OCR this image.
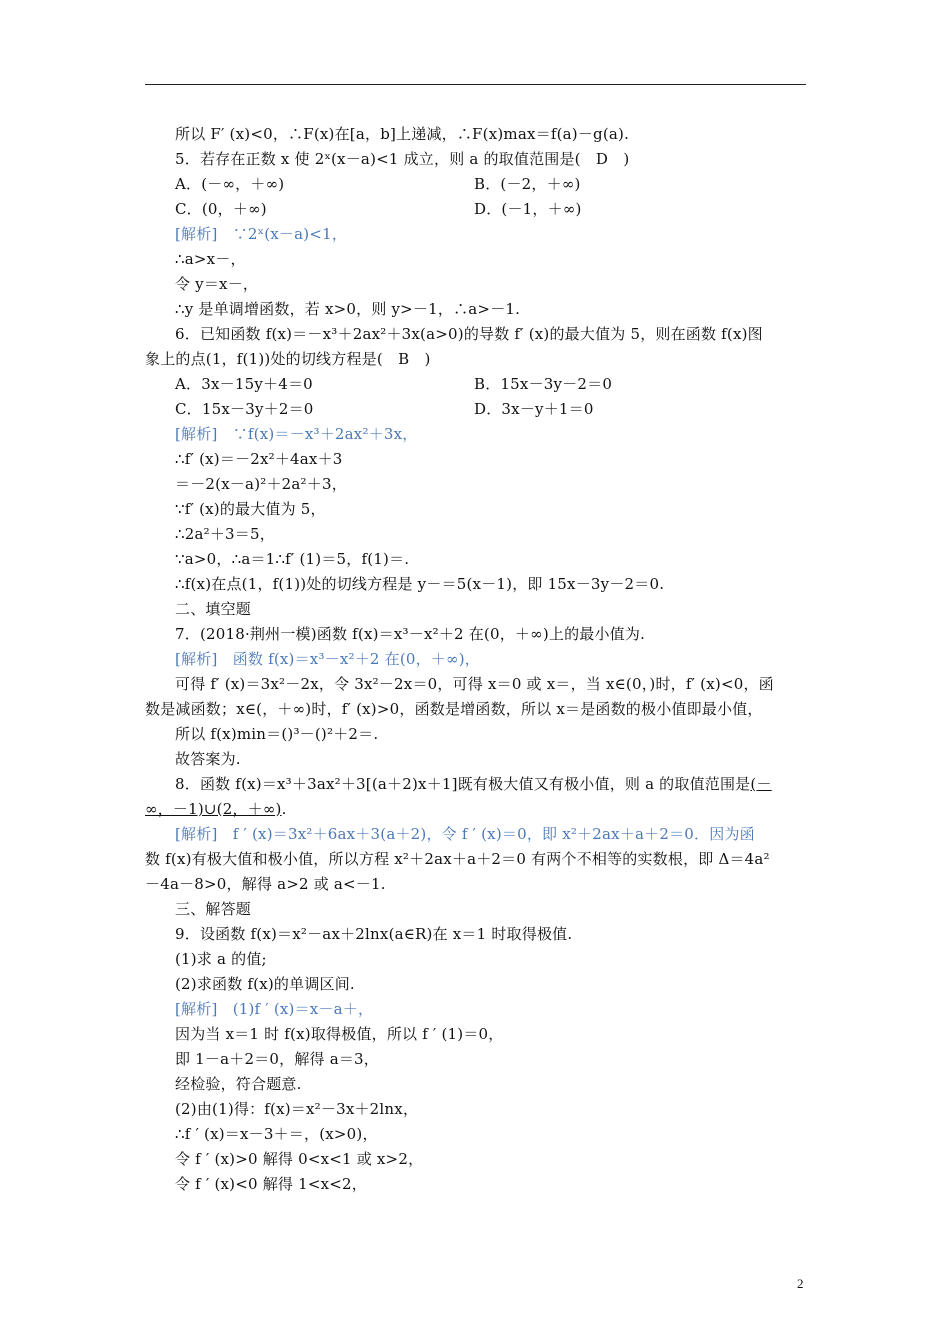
所以 F′ (x)<0，∴F(x)在[a，b]上递减，∴F(x)max＝f(a)－g(a).
5．若存在正数 x 使 2ˣ(x－a)<1 成立，则 a 的取值范围是(　D　)
A．(－∞，＋∞)	B．(－2，＋∞)
C．(0，＋∞)	D．(－1，＋∞)
[解析]　∵2ˣ(x－a)<1，
∴a>x－，
令 y＝x－，
∴y 是单调增函数，若 x>0，则 y>－1，∴a>－1.
6．已知函数 f(x)＝－x³＋2ax²＋3x(a>0)的导数 f′ (x)的最大值为 5，则在函数 f(x)图
象上的点(1，f(1))处的切线方程是(　B　)
A．3x－15y＋4＝0	B．15x－3y－2＝0
C．15x－3y＋2＝0	D．3x－y＋1＝0
[解析]　∵f(x)＝－x³＋2ax²＋3x，
∴f′ (x)＝－2x²＋4ax＋3
＝－2(x－a)²＋2a²＋3，
∵f′ (x)的最大值为 5，
∴2a²＋3＝5，
∵a>0，∴a＝1∴f′ (1)＝5，f(1)＝.
∴f(x)在点(1，f(1))处的切线方程是 y－＝5(x－1)，即 15x－3y－2＝0.
二、填空题
7．(2018·荆州一模)函数 f(x)＝x³－x²＋2 在(0，＋∞)上的最小值为.
[解析]　函数 f(x)＝x³－x²＋2 在(0，＋∞)，
可得 f′ (x)＝3x²－2x，令 3x²－2x＝0，可得 x＝0 或 x＝，当 x∈(0，)时，f′ (x)<0，函
数是减函数；x∈(，＋∞)时，f′ (x)>0，函数是增函数，所以 x＝是函数的极小值即最小值，
所以 f(x)min＝()³－()²＋2＝.
故答案为.
8．函数 f(x)＝x³＋3ax²＋3[(a＋2)x＋1]既有极大值又有极小值，则 a 的取值范围是(－
∞，－1)∪(2，＋∞).
[解析]　f ′ (x)＝3x²＋6ax＋3(a＋2)，令 f ′ (x)＝0，即 x²＋2ax＋a＋2＝0．因为函
数 f(x)有极大值和极小值，所以方程 x²＋2ax＋a＋2＝0 有两个不相等的实数根，即 Δ＝4a²
－4a－8>0，解得 a>2 或 a<－1.
三、解答题
9．设函数 f(x)＝x²－ax＋2lnx(a∈R)在 x＝1 时取得极值.
(1)求 a 的值;
(2)求函数 f(x)的单调区间.
[解析]　(1)f ′ (x)＝x－a＋，
因为当 x＝1 时 f(x)取得极值，所以 f ′ (1)＝0，
即 1－a＋2＝0，解得 a＝3，
经检验，符合题意.
(2)由(1)得：f(x)＝x²－3x＋2lnx，
∴f ′ (x)＝x－3＋＝，(x>0)，
令 f ′ (x)>0 解得 0<x<1 或 x>2，
令 f ′ (x)<0 解得 1<x<2，
2
